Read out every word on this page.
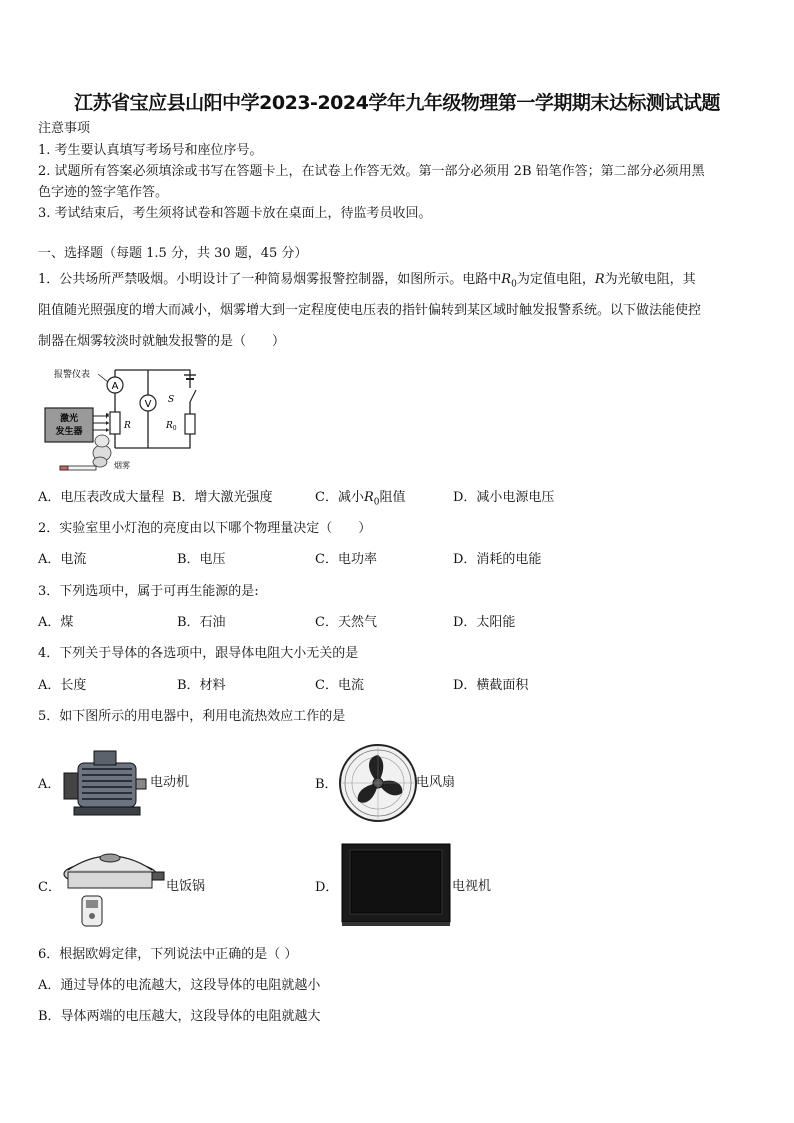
江苏省宝应县山阳中学2023-2024学年九年级物理第一学期期末达标测试试题
注意事项
1. 考生要认真填写考场号和座位序号。
2. 试题所有答案必须填涂或书写在答题卡上，在试卷上作答无效。第一部分必须用 2B 铅笔作答；第二部分必须用黑
色字迹的签字笔作答。
3. 考试结束后，考生须将试卷和答题卡放在桌面上，待监考员收回。
一、选择题（每题 1.5 分，共 30 题，45 分）
1．公共场所严禁吸烟。小明设计了一种简易烟雾报警控制器，如图所示。电路中$R_0$为定值电阻，R为光敏电阻，其
阻值随光照强度的增大而减小，烟雾增大到一定程度使电压表的指针偏转到某区域时触发报警系统。以下做法能使控
制器在烟雾较淡时就触发报警的是（　　）
A
V S
$R_0$
R
报警仪表
激光
发生器
烟雾
A．电压表改成大量程 B．增大激光强度	C．减小$R_0$阻值	D．减小电源电压
2．实验室里小灯泡的亮度由以下哪个物理量决定（　　）
A．电流	B．电压	C．电功率	D．消耗的电能
3．下列选项中，属于可再生能源的是:
A．煤	B．石油	C．天然气	D．太阳能
4．下列关于导体的各选项中，跟导体电阻大小无关的是
A．长度	B．材料	C．电流	D．横截面积
5．如下图所示的用电器中，利用电流热效应工作的是
A．	电动机	B．	电风扇
C．	电饭锅	D．	电视机
6．根据欧姆定律，下列说法中正确的是（ ）
A．通过导体的电流越大，这段导体的电阻就越小
B．导体两端的电压越大，这段导体的电阻就越大
